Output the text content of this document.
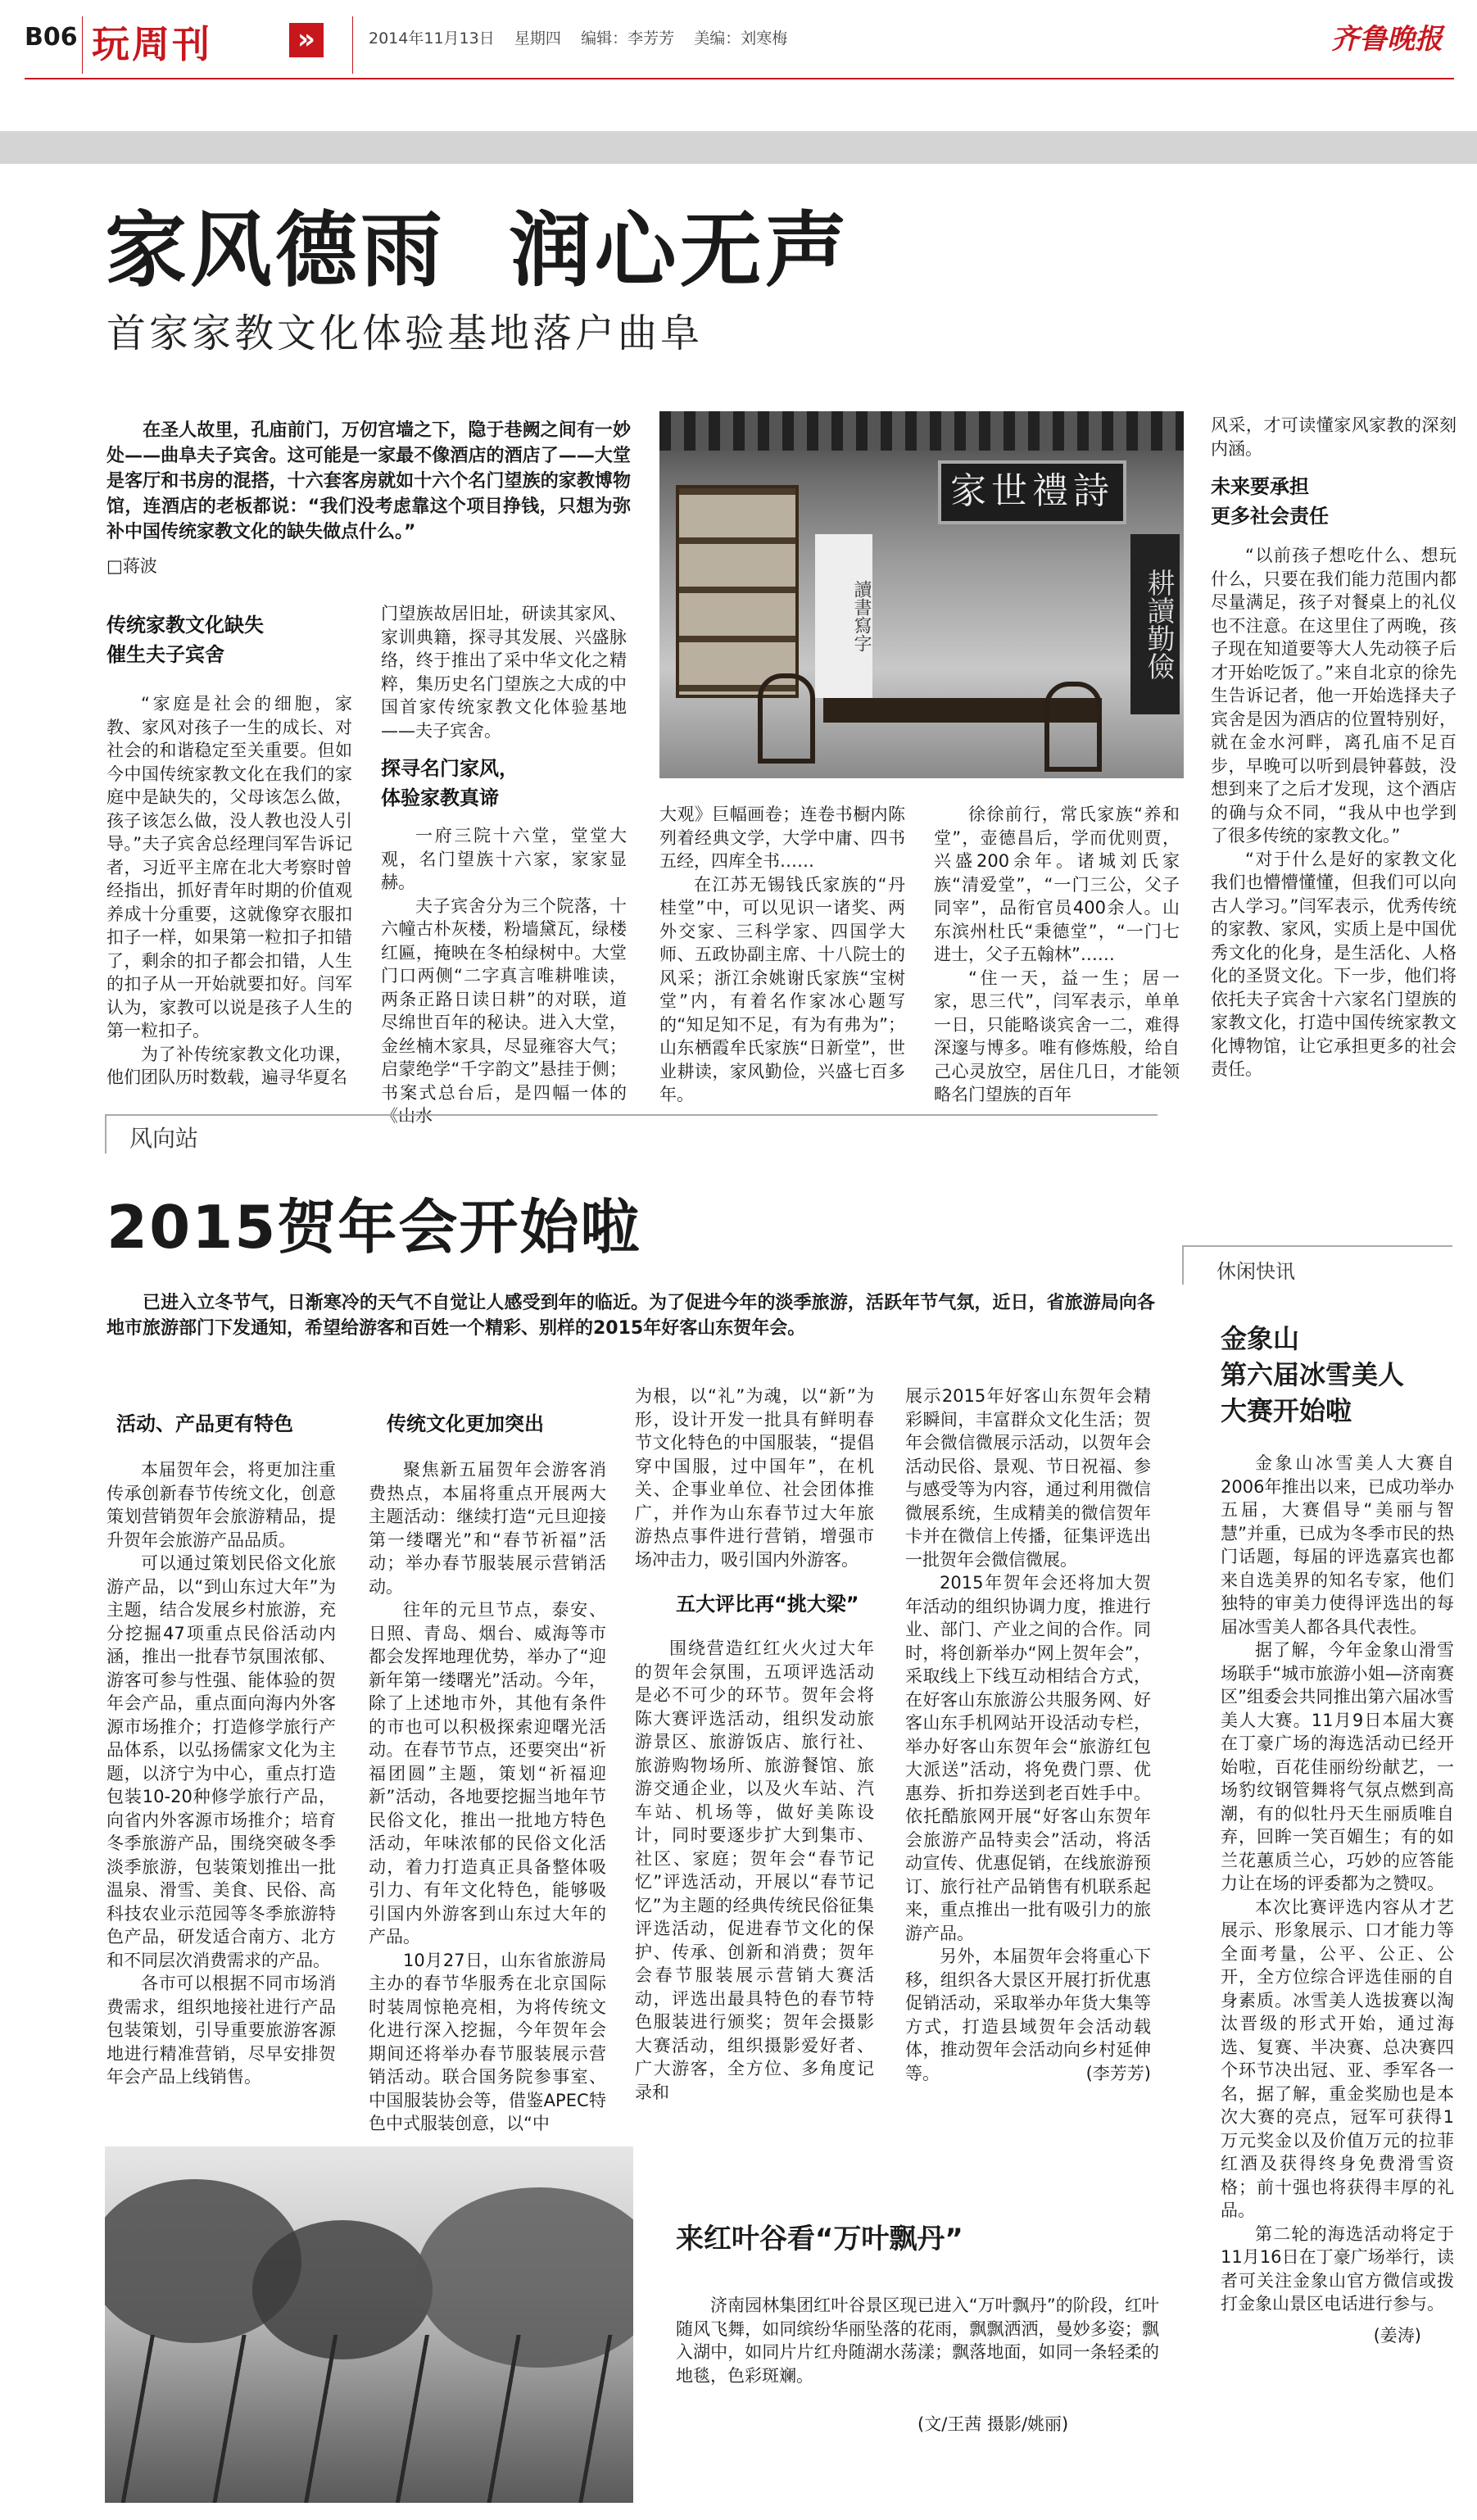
B06 玩周刊	»	2014年11月13日 星期四 编辑：李芳芳 美编：刘寒梅	齐鲁晚报
家风德雨  润心无声
首家家教文化体验基地落户曲阜
在圣人故里，孔庙前门，万仞宫墙之下，隐于巷阙之间有一妙处——曲阜夫子宾舍。这可能是一家最不像酒店的酒店了——大堂是客厅和书房的混搭，十六套客房就如十六个名门望族的家教博物馆，连酒店的老板都说：“我们没考虑靠这个项目挣钱，只想为弥补中国传统家教文化的缺失做点什么。”
□蒋波
传统家教文化缺失
催生夫子宾舍

“家庭是社会的细胞，家教、家风对孩子一生的成长、对社会的和谐稳定至关重要。但如今中国传统家教文化在我们的家庭中是缺失的，父母该怎么做，孩子该怎么做，没人教也没人引导。”夫子宾舍总经理闫军告诉记者，习近平主席在北大考察时曾经指出，抓好青年时期的价值观养成十分重要，这就像穿衣服扣扣子一样，如果第一粒扣子扣错了，剩余的扣子都会扣错，人生的扣子从一开始就要扣好。闫军认为，家教可以说是孩子人生的第一粒扣子。

为了补传统家教文化功课，他们团队历时数载，遍寻华夏名

门望族故居旧址，研读其家风、家训典籍，探寻其发展、兴盛脉络，终于推出了采中华文化之精粹，集历史名门望族之大成的中国首家传统家教文化体验基地——夫子宾舍。

探寻名门家风，
体验家教真谛

一府三院十六堂，堂堂大观，名门望族十六家，家家显赫。

夫子宾舍分为三个院落，十六幢古朴灰楼，粉墙黛瓦，绿楼红匾，掩映在冬柏绿树中。大堂门口两侧“二字真言唯耕唯读，两条正路日读日耕”的对联，道尽绵世百年的秘诀。进入大堂，金丝楠木家具，尽显雍容大气；启蒙绝学“千字韵文”悬挂于侧；书案式总台后，是四幅一体的《山水

家世禮詩
耕讀勤儉
讀書寫字

大观》巨幅画卷；连卷书橱内陈列着经典文学，大学中庸、四书五经，四库全书……

在江苏无锡钱氏家族的“丹桂堂”中，可以见识一诸奖、两外交家、三科学家、四国学大师、五政协副主席、十八院士的风采；浙江余姚谢氏家族“宝树堂”内，有着名作家冰心题写的“知足知不足，有为有弗为”；山东栖霞牟氏家族“日新堂”，世业耕读，家风勤俭，兴盛七百多年。

徐徐前行，常氏家族“养和堂”，壶德昌后，学而优则贾，兴盛200余年。诸城刘氏家族“清爱堂”，“一门三公，父子同宰”，品衔官员400余人。山东滨州杜氏“秉德堂”，“一门七进士，父子五翰林”……

“住一天，益一生；居一家，思三代”，闫军表示，单单一日，只能略谈宾舍一二，难得深邃与博多。唯有修炼般，给自己心灵放空，居住几日，才能领略名门望族的百年

风采，才可读懂家风家教的深刻内涵。

未来要承担
更多社会责任

“以前孩子想吃什么、想玩什么，只要在我们能力范围内都尽量满足，孩子对餐桌上的礼仪也不注意。在这里住了两晚，孩子现在知道要等大人先动筷子后才开始吃饭了。”来自北京的徐先生告诉记者，他一开始选择夫子宾舍是因为酒店的位置特别好，就在金水河畔，离孔庙不足百步，早晚可以听到晨钟暮鼓，没想到来了之后才发现，这个酒店的确与众不同，“我从中也学到了很多传统的家教文化。”

“对于什么是好的家教文化我们也懵懵懂懂，但我们可以向古人学习。”闫军表示，优秀传统的家教、家风，实质上是中国优秀文化的化身，是生活化、人格化的圣贤文化。下一步，他们将依托夫子宾舍十六家名门望族的家教文化，打造中国传统家教文化博物馆，让它承担更多的社会责任。

风向站
2015贺年会开始啦
已进入立冬节气，日渐寒冷的天气不自觉让人感受到年的临近。为了促进今年的淡季旅游，活跃年节气氛，近日，省旅游局向各地市旅游部门下发通知，希望给游客和百姓一个精彩、别样的2015年好客山东贺年会。
活动、产品更有特色

本届贺年会，将更加注重传承创新春节传统文化，创意策划营销贺年会旅游精品，提升贺年会旅游产品品质。

可以通过策划民俗文化旅游产品，以“到山东过大年”为主题，结合发展乡村旅游，充分挖掘47项重点民俗活动内涵，推出一批春节氛围浓郁、游客可参与性强、能体验的贺年会产品，重点面向海内外客源市场推介；打造修学旅行产品体系，以弘扬儒家文化为主题，以济宁为中心，重点打造包装10-20种修学旅行产品，向省内外客源市场推介；培育冬季旅游产品，围绕突破冬季淡季旅游，包装策划推出一批温泉、滑雪、美食、民俗、高科技农业示范园等冬季旅游特色产品，研发适合南方、北方和不同层次消费需求的产品。

各市可以根据不同市场消费需求，组织地接社进行产品包装策划，引导重要旅游客源地进行精准营销，尽早安排贺年会产品上线销售。

传统文化更加突出

聚焦新五届贺年会游客消费热点，本届将重点开展两大主题活动：继续打造“元旦迎接第一缕曙光”和“春节祈福”活动；举办春节服装展示营销活动。

往年的元旦节点，泰安、日照、青岛、烟台、威海等市都会发挥地理优势，举办了“迎新年第一缕曙光”活动。今年，除了上述地市外，其他有条件的市也可以积极探索迎曙光活动。在春节节点，还要突出“祈福团圆”主题，策划“祈福迎新”活动，各地要挖掘当地年节民俗文化，推出一批地方特色活动，年味浓郁的民俗文化活动，着力打造真正具备整体吸引力、有年文化特色，能够吸引国内外游客到山东过大年的产品。

10月27日，山东省旅游局主办的春节华服秀在北京国际时装周惊艳亮相，为将传统文化进行深入挖掘，今年贺年会期间还将举办春节服装展示营销活动。联合国务院参事室、中国服装协会等，借鉴APEC特色中式服装创意，以“中

为根，以“礼”为魂，以“新”为形，设计开发一批具有鲜明春节文化特色的中国服装，“提倡穿中国服，过中国年”，在机关、企事业单位、社会团体推广，并作为山东春节过大年旅游热点事件进行营销，增强市场冲击力，吸引国内外游客。

五大评比再“挑大梁”

围绕营造红红火火过大年的贺年会氛围，五项评选活动是必不可少的环节。贺年会将陈大赛评选活动，组织发动旅游景区、旅游饭店、旅行社、旅游购物场所、旅游餐馆、旅游交通企业，以及火车站、汽车站、机场等，做好美陈设计，同时要逐步扩大到集市、社区、家庭；贺年会“春节记忆”评选活动，开展以“春节记忆”为主题的经典传统民俗征集评选活动，促进春节文化的保护、传承、创新和消费；贺年会春节服装展示营销大赛活动，评选出最具特色的春节特色服装进行颁奖；贺年会摄影大赛活动，组织摄影爱好者、广大游客，全方位、多角度记录和

展示2015年好客山东贺年会精彩瞬间，丰富群众文化生活；贺年会微信微展示活动，以贺年会活动民俗、景观、节日祝福、参与感受等为内容，通过利用微信微展系统，生成精美的微信贺年卡并在微信上传播，征集评选出一批贺年会微信微展。

2015年贺年会还将加大贺年活动的组织协调力度，推进行业、部门、产业之间的合作。同时，将创新举办“网上贺年会”，采取线上下线互动相结合方式，在好客山东旅游公共服务网、好客山东手机网站开设活动专栏，举办好客山东贺年会“旅游红包大派送”活动，将免费门票、优惠券、折扣券送到老百姓手中。依托酷旅网开展“好客山东贺年会旅游产品特卖会”活动，将活动宣传、优惠促销，在线旅游预订、旅行社产品销售有机联系起来，重点推出一批有吸引力的旅游产品。

另外，本届贺年会将重心下移，组织各大景区开展打折优惠促销活动，采取举办年货大集等方式，打造县域贺年会活动载体，推动贺年会活动向乡村延伸等。	(李芳芳)
休闲快讯
金象山
第六届冰雪美人
大赛开始啦

金象山冰雪美人大赛自2006年推出以来，已成功举办五届，大赛倡导“美丽与智慧”并重，已成为冬季市民的热门话题，每届的评选嘉宾也都来自选美界的知名专家，他们独特的审美力使得评选出的每届冰雪美人都各具代表性。

据了解，今年金象山滑雪场联手“城市旅游小姐—济南赛区”组委会共同推出第六届冰雪美人大赛。11月9日本届大赛在丁豪广场的海选活动已经开始啦，百花佳丽纷纷献艺，一场豹纹钢管舞将气氛点燃到高潮，有的似牡丹天生丽质唯自弃，回眸一笑百媚生；有的如兰花蕙质兰心，巧妙的应答能力让在场的评委都为之赞叹。

本次比赛评选内容从才艺展示、形象展示、口才能力等全面考量，公平、公正、公开，全方位综合评选佳丽的自身素质。冰雪美人选拔赛以淘汰晋级的形式开始，通过海选、复赛、半决赛、总决赛四个环节决出冠、亚、季军各一名，据了解，重金奖励也是本次大赛的亮点，冠军可获得1万元奖金以及价值万元的拉菲红酒及获得终身免费滑雪资格；前十强也将获得丰厚的礼品。

第二轮的海选活动将定于11月16日在丁豪广场举行，读者可关注金象山官方微信或拨打金象山景区电话进行参与。

(姜涛)
来红叶谷看“万叶飘丹”
济南园林集团红叶谷景区现已进入“万叶飘丹”的阶段，红叶随风飞舞，如同缤纷华丽坠落的花雨，飘飘洒洒，曼妙多姿；飘入湖中，如同片片红舟随湖水荡漾；飘落地面，如同一条轻柔的地毯，色彩斑斓。
(文/王茜 摄影/姚丽)
